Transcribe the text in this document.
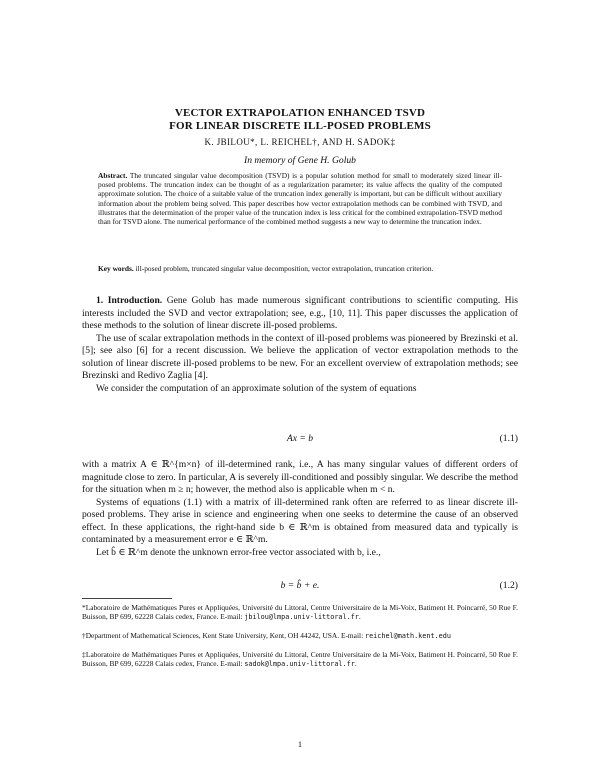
VECTOR EXTRAPOLATION ENHANCED TSVD
FOR LINEAR DISCRETE ILL-POSED PROBLEMS
K. JBILOU*, L. REICHEL†, AND H. SADOK‡
In memory of Gene H. Golub
Abstract. The truncated singular value decomposition (TSVD) is a popular solution method for small to moderately sized linear ill-posed problems. The truncation index can be thought of as a regularization parameter; its value affects the quality of the computed approximate solution. The choice of a suitable value of the truncation index generally is important, but can be difficult without auxiliary information about the problem being solved. This paper describes how vector extrapolation methods can be combined with TSVD, and illustrates that the determination of the proper value of the truncation index is less critical for the combined extrapolation-TSVD method than for TSVD alone. The numerical performance of the combined method suggests a new way to determine the truncation index.
Key words. ill-posed problem, truncated singular value decomposition, vector extrapolation, truncation criterion.

1. Introduction. Gene Golub has made numerous significant contributions to scientific computing. His interests included the SVD and vector extrapolation; see, e.g., [10, 11]. This paper discusses the application of these methods to the solution of linear discrete ill-posed problems.

The use of scalar extrapolation methods in the context of ill-posed problems was pioneered by Brezinski et al. [5]; see also [6] for a recent discussion. We believe the application of vector extrapolation methods to the solution of linear discrete ill-posed problems to be new. For an excellent overview of extrapolation methods; see Brezinski and Redivo Zaglia [4].

We consider the computation of an approximate solution of the system of equations

Ax = b	(1.1)

with a matrix A ∈ ℝ^{m×n} of ill-determined rank, i.e., A has many singular values of different orders of magnitude close to zero. In particular, A is severely ill-conditioned and possibly singular. We describe the method for the situation when m ≥ n; however, the method also is applicable when m < n.

Systems of equations (1.1) with a matrix of ill-determined rank often are referred to as linear discrete ill-posed problems. They arise in science and engineering when one seeks to determine the cause of an observed effect. In these applications, the right-hand side b ∈ ℝ^m is obtained from measured data and typically is contaminated by a measurement error e ∈ ℝ^m.

Let b̂ ∈ ℝ^m denote the unknown error-free vector associated with b, i.e.,

b = b̂ + e.	(1.2)
*Laboratoire de Mathématiques Pures et Appliquées, Université du Littoral, Centre Universitaire de la Mi-Voix, Batiment H. Poincarré, 50 Rue F. Buisson, BP 699, 62228 Calais cedex, France. E-mail: jbilou@lmpa.univ-littoral.fr.
†Department of Mathematical Sciences, Kent State University, Kent, OH 44242, USA. E-mail: reichel@math.kent.edu
‡Laboratoire de Mathématiques Pures et Appliquées, Université du Littoral, Centre Universitaire de la Mi-Voix, Batiment H. Poincarré, 50 Rue F. Buisson, BP 699, 62228 Calais cedex, France. E-mail: sadok@lmpa.univ-littoral.fr.
1
